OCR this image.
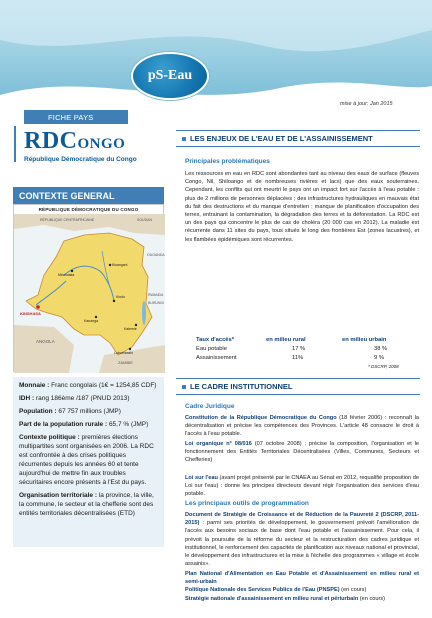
pS-Eau
mise à jour: Jan 2015
FICHE PAYS
RDCONGO
République Démocratique du Congo
CONTEXTE GENERAL
RÉPUBLIQUE DÉMOCRATIQUE DU CONGO
RÉPUBLIQUE CENTRAFRICAINE	SOUDAN
OUGANDA
RWANDA
BURUNDI
ANGOLA
ZAMBIE
KINSHASA
Kisangani
Mbandaka
Kananga
Lubumbashi
Kalemie
Kindu

Monnaie : Franc congolais (1€ = 1254,85 CDF)

IDH : rang 186ème /187 (PNUD 2013)

Population : 67 757 millions (JMP)

Part de la population rurale : 65,7 % (JMP)

Contexte politique : premières élections multipartites sont organisées en 2006. La RDC est confrontée à des crises politiques récurrentes depuis les années 60 et tente aujourd'hui de mettre fin aux troubles sécuritaires encore présents à l'Est du pays.

Organisation territoriale : la province, la ville, la commune, le secteur et la chefferie sont des entités territoriales décentralisées (ETD)

LES ENJEUX DE L'EAU ET DE L'ASSAINISSEMENT
Principales problématiques
Les ressources en eau en RDC sont abondantes tant au niveau des eaux de surface (fleuves Congo, Nil, Shiloango et de nombreuses rivières et lacs) que des eaux souterraines. Cependant, les conflits qui ont meurtri le pays ont un impact fort sur l'accès à l'eau potable : plus de 2 millions de personnes déplacées ; des infrastructures hydrauliques en mauvais état du fait des destructions et du manque d'entretien ; manque de planification d'occupation des terres, entrainant la contamination, la dégradation des terres et la déforestation. La RDC est un des pays qui concentre le plus de cas de choléra (20 000 cas en 2012). La maladie est récurrente dans 11 sites du pays, tous situés le long des frontières Est (zones lacustres), et les flambées épidémiques sont récurrentes.
Taux d'accès*	en milieu rural	en milieu urbain
Eau potable	17 %	38 %
Assainissement	11%	9 %
* DSCRP, 2008
LE CADRE INSTITUTIONNEL
Cadre Juridique
Constitution de la République Démocratique du Congo (18 février 2006) : reconnaît la décentralisation et précise les compétences des Provinces. L'article 48 consacre le droit à l'accès à l'eau potable.
Loi organique n° 08/016 (07 octobre 2008) : précise la composition, l'organisation et le fonctionnement des Entités Territoriales Décentralisées (Villes, Communes, Secteurs et Chefferies)
Loi sur l'eau (avant projet présenté par le CNAEA au Sénat en 2012, requalifié proposition de Loi sur l'eau) : donne les principes directeurs devant régir l'organisation des services d'eau potable.
Les principaux outils de programmation
Document de Stratégie de Croissance et de Réduction de la Pauvreté 2 (DSCRP, 2011-2015) : parmi ses priorités de développement, le gouvernement prévoit l'amélioration de l'accès aux besoins sociaux de base dont l'eau potable et l'assainissement. Pour cela, il prévoit la poursuite de la réforme du secteur et la restructuration des cadres juridique et institutionnel, le renforcement des capacités de planification aux niveaux national et provincial, le développement des infrastructures et la mise à l'échelle des programmes « village et école assainis».
Plan National d'Alimentation en Eau Potable et d'Assainissement en milieu rural et semi-urbain
Politique Nationale des Services Publics de l'Eau (PNSPE) (en cours)
Stratégie nationale d'assainissement en milieu rural et périurbain (en cours)
